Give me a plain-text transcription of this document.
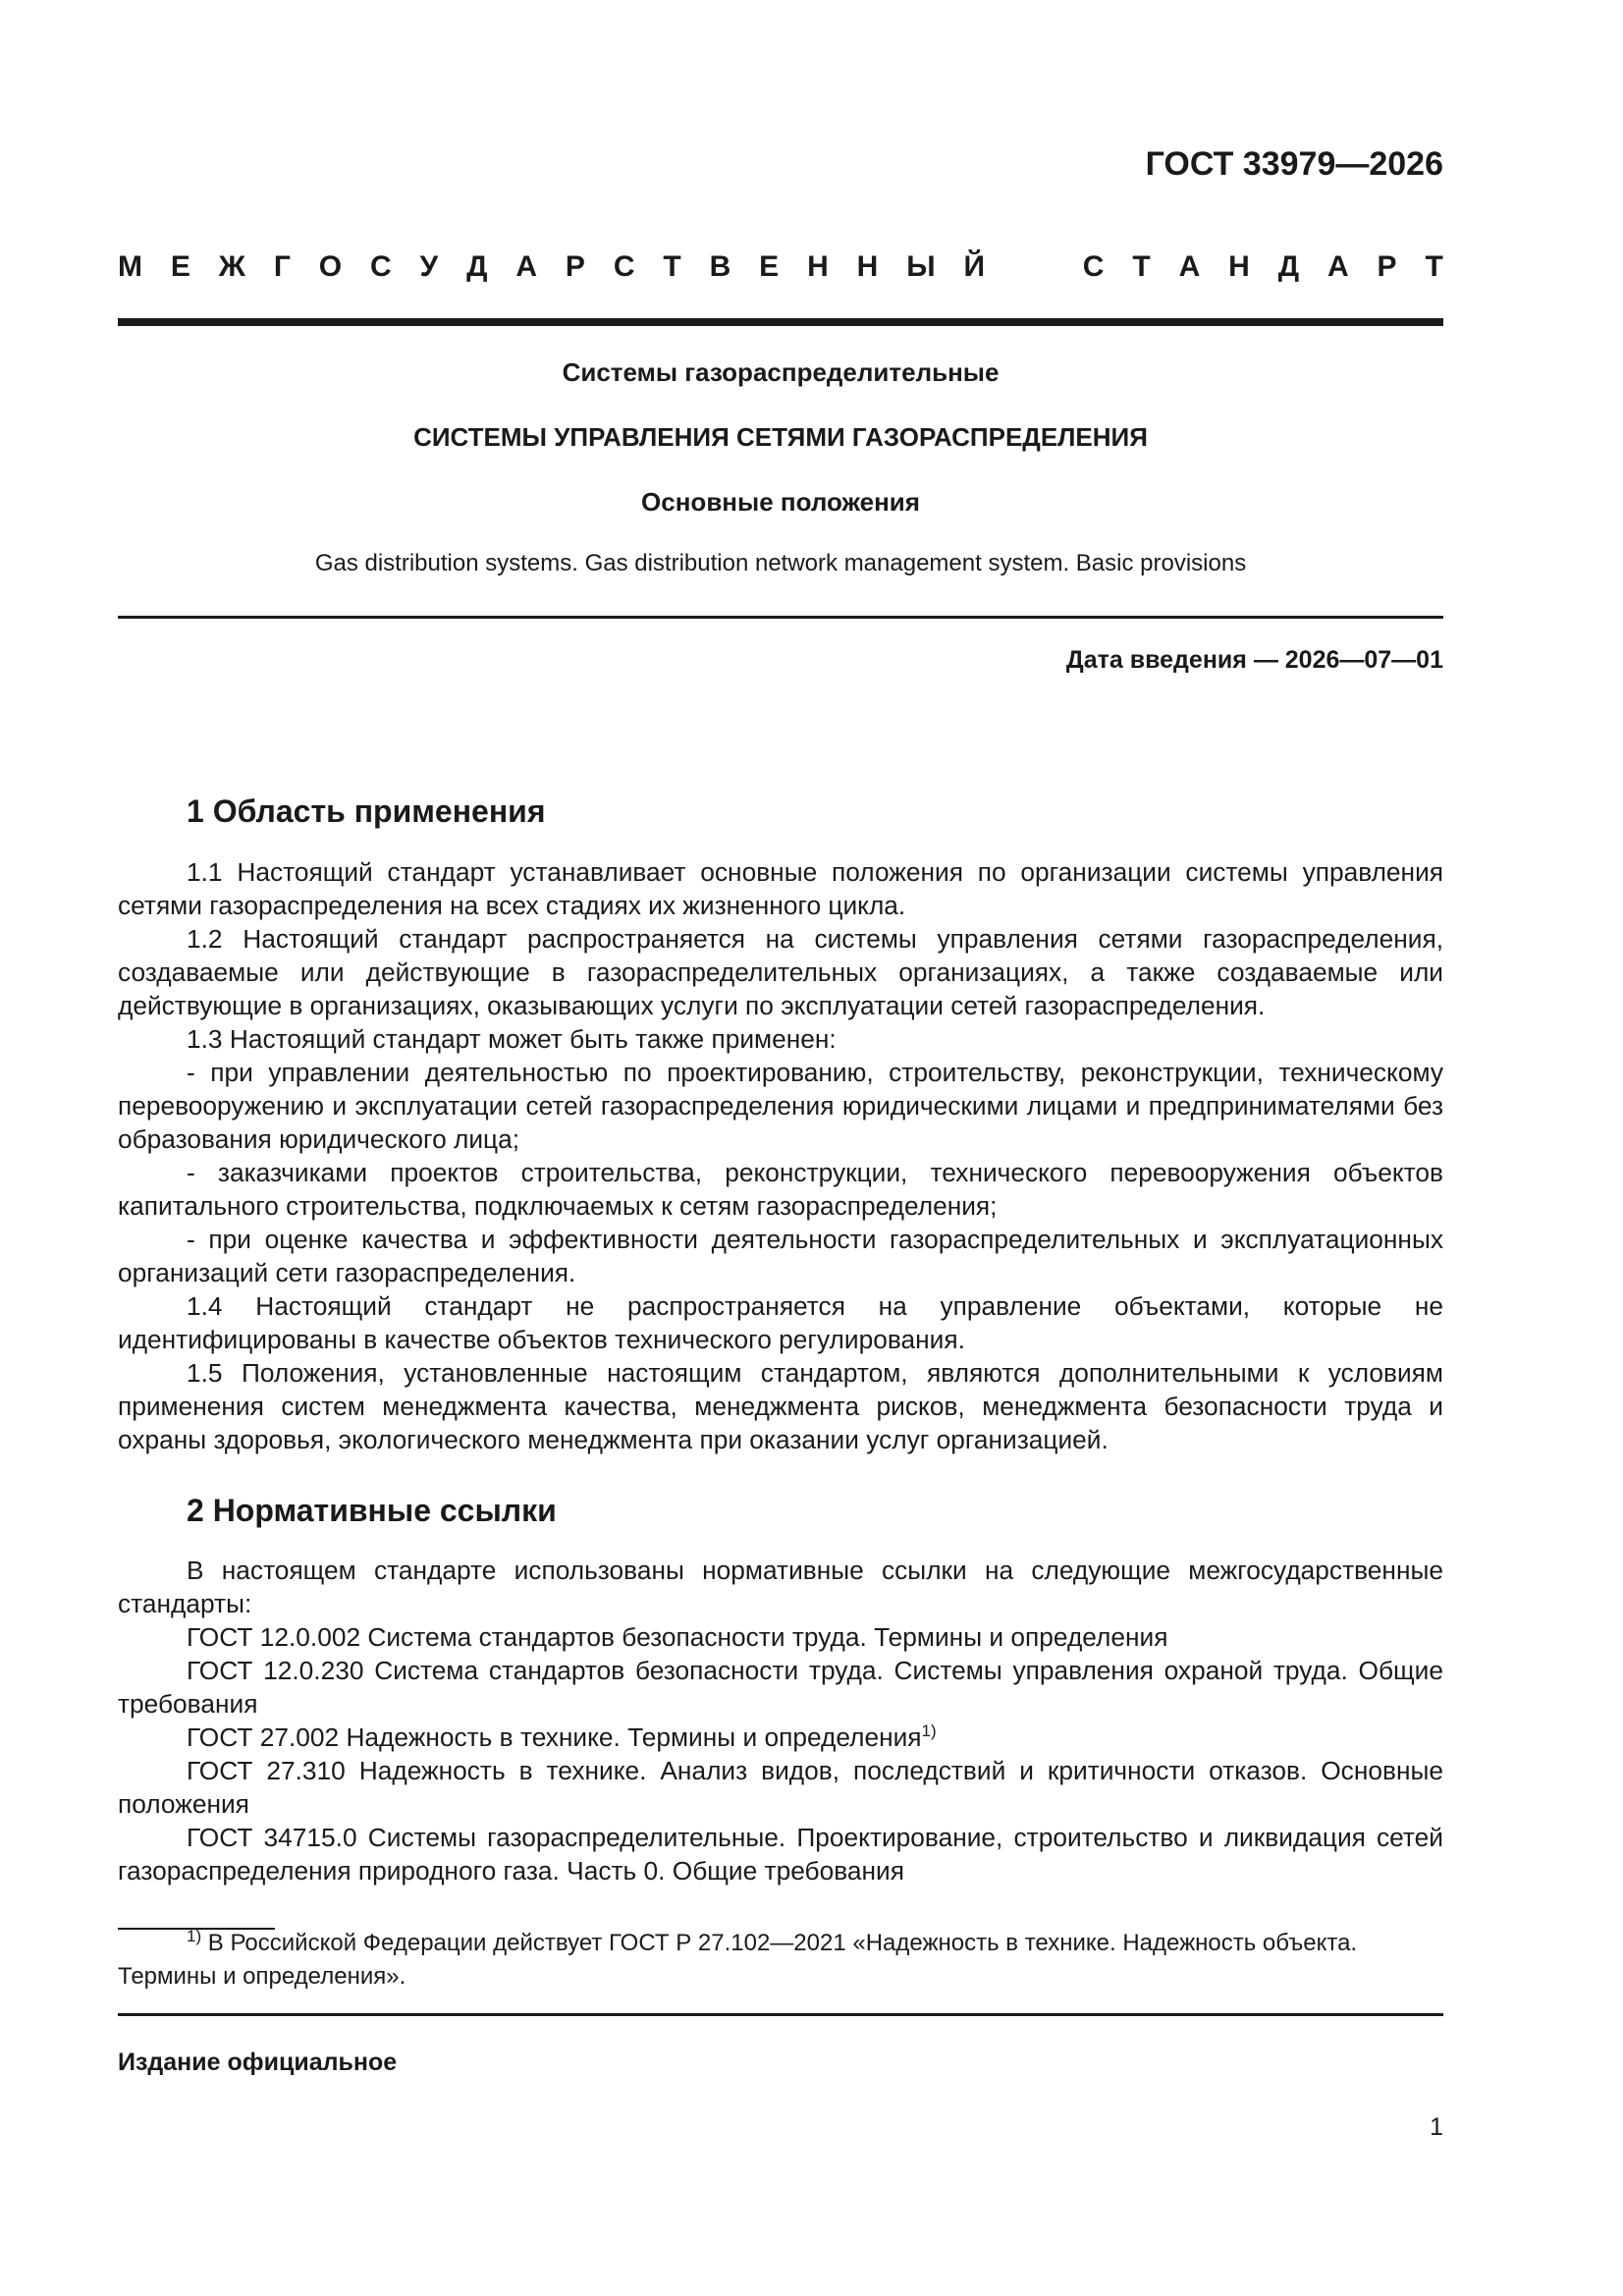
ГОСТ 33979—2026
М Е Ж Г О С У Д А Р С Т В Е Н Н Ы Й	С Т А Н Д А Р Т
Системы газораспределительные
СИСТЕМЫ УПРАВЛЕНИЯ СЕТЯМИ ГАЗОРАСПРЕДЕЛЕНИЯ
Основные положения
Gas distribution systems. Gas distribution network management system. Basic provisions
Дата введения — 2026—07—01
1 Область применения

1.1 Настоящий стандарт устанавливает основные положения по организации системы управления сетями газораспределения на всех стадиях их жизненного цикла.

1.2 Настоящий стандарт распространяется на системы управления сетями газораспределения, создаваемые или действующие в газораспределительных организациях, а также создаваемые или действующие в организациях, оказывающих услуги по эксплуатации сетей газораспределения.

1.3 Настоящий стандарт может быть также применен:

- при управлении деятельностью по проектированию, строительству, реконструкции, техническому перевооружению и эксплуатации сетей газораспределения юридическими лицами и предпринимателями без образования юридического лица;

- заказчиками проектов строительства, реконструкции, технического перевооружения объектов капитального строительства, подключаемых к сетям газораспределения;

- при оценке качества и эффективности деятельности газораспределительных и эксплуатационных организаций сети газораспределения.

1.4 Настоящий стандарт не распространяется на управление объектами, которые не идентифицированы в качестве объектов технического регулирования.

1.5 Положения, установленные настоящим стандартом, являются дополнительными к условиям применения систем менеджмента качества, менеджмента рисков, менеджмента безопасности труда и охраны здоровья, экологического менеджмента при оказании услуг организацией.

2 Нормативные ссылки

В настоящем стандарте использованы нормативные ссылки на следующие межгосударственные стандарты:

ГОСТ 12.0.002 Система стандартов безопасности труда. Термины и определения

ГОСТ 12.0.230 Система стандартов безопасности труда. Системы управления охраной труда. Общие требования

ГОСТ 27.002 Надежность в технике. Термины и определения$^{1)}$

ГОСТ 27.310 Надежность в технике. Анализ видов, последствий и критичности отказов. Основные положения

ГОСТ 34715.0 Системы газораспределительные. Проектирование, строительство и ликвидация сетей газораспределения природного газа. Часть 0. Общие требования

$^{1)}$ В Российской Федерации действует ГОСТ Р 27.102—2021 «Надежность в технике. Надежность объекта. Термины и определения».

Издание официальное
1
